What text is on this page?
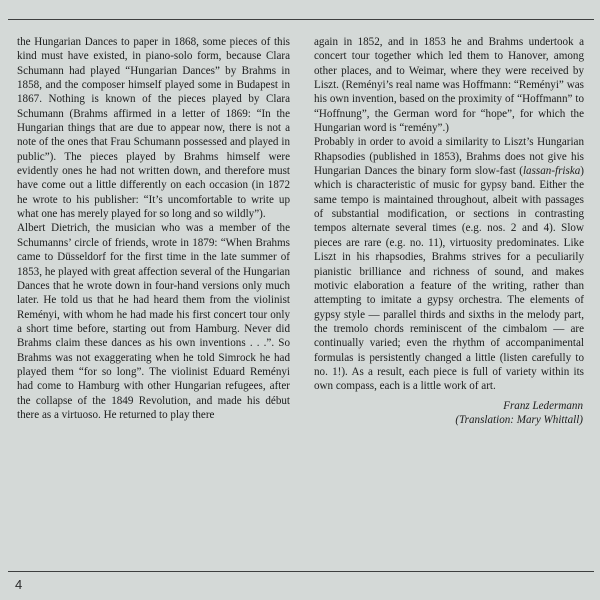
the Hungarian Dances to paper in 1868, some pieces of this kind must have existed, in piano-solo form, because Clara Schumann had played “Hungarian Dances” by Brahms in 1858, and the composer himself played some in Budapest in 1867. Nothing is known of the pieces played by Clara Schumann (Brahms affirmed in a letter of 1869: “In the Hungarian things that are due to appear now, there is not a note of the ones that Frau Schumann possessed and played in public”). The pieces played by Brahms himself were evidently ones he had not written down, and therefore must have come out a little differently on each occasion (in 1872 he wrote to his publisher: “It’s uncomfortable to write up what one has merely played for so long and so wildly”).

Albert Dietrich, the musician who was a member of the Schumanns’ circle of friends, wrote in 1879: “When Brahms came to Düsseldorf for the first time in the late summer of 1853, he played with great affection several of the Hungarian Dances that he wrote down in four-hand versions only much later. He told us that he had heard them from the violinist Reményi, with whom he had made his first concert tour only a short time before, starting out from Hamburg. Never did Brahms claim these dances as his own inventions . . .”. So Brahms was not exaggerating when he told Simrock he had played them “for so long”. The violinist Eduard Reményi had come to Hamburg with other Hungarian refugees, after the collapse of the 1849 Revolution, and made his début there as a virtuoso. He returned to play there

again in 1852, and in 1853 he and Brahms undertook a concert tour together which led them to Hanover, among other places, and to Weimar, where they were received by Liszt. (Reményi’s real name was Hoffmann: “Reményi” was his own invention, based on the proximity of “Hoffmann” to “Hoffnung”, the German word for “hope”, for which the Hungarian word is “remény”.)

Probably in order to avoid a similarity to Liszt’s Hungarian Rhapsodies (published in 1853), Brahms does not give his Hungarian Dances the binary form slow-fast (lassan-friska) which is characteristic of music for gypsy band. Either the same tempo is maintained throughout, albeit with passages of substantial modification, or sections in contrasting tempos alternate several times (e.g. nos. 2 and 4). Slow pieces are rare (e.g. no. 11), virtuosity predominates. Like Liszt in his rhapsodies, Brahms strives for a peculiarily pianistic brilliance and richness of sound, and makes motivic elaboration a feature of the writing, rather than attempting to imitate a gypsy orchestra. The elements of gypsy style — parallel thirds and sixths in the melody part, the tremolo chords reminiscent of the cimbalom — are continually varied; even the rhythm of accompanimental formulas is persistently changed a little (listen carefully to no. 1!). As a result, each piece is full of variety within its own compass, each is a little work of art.

Franz Ledermann
(Translation: Mary Whittall)
4
